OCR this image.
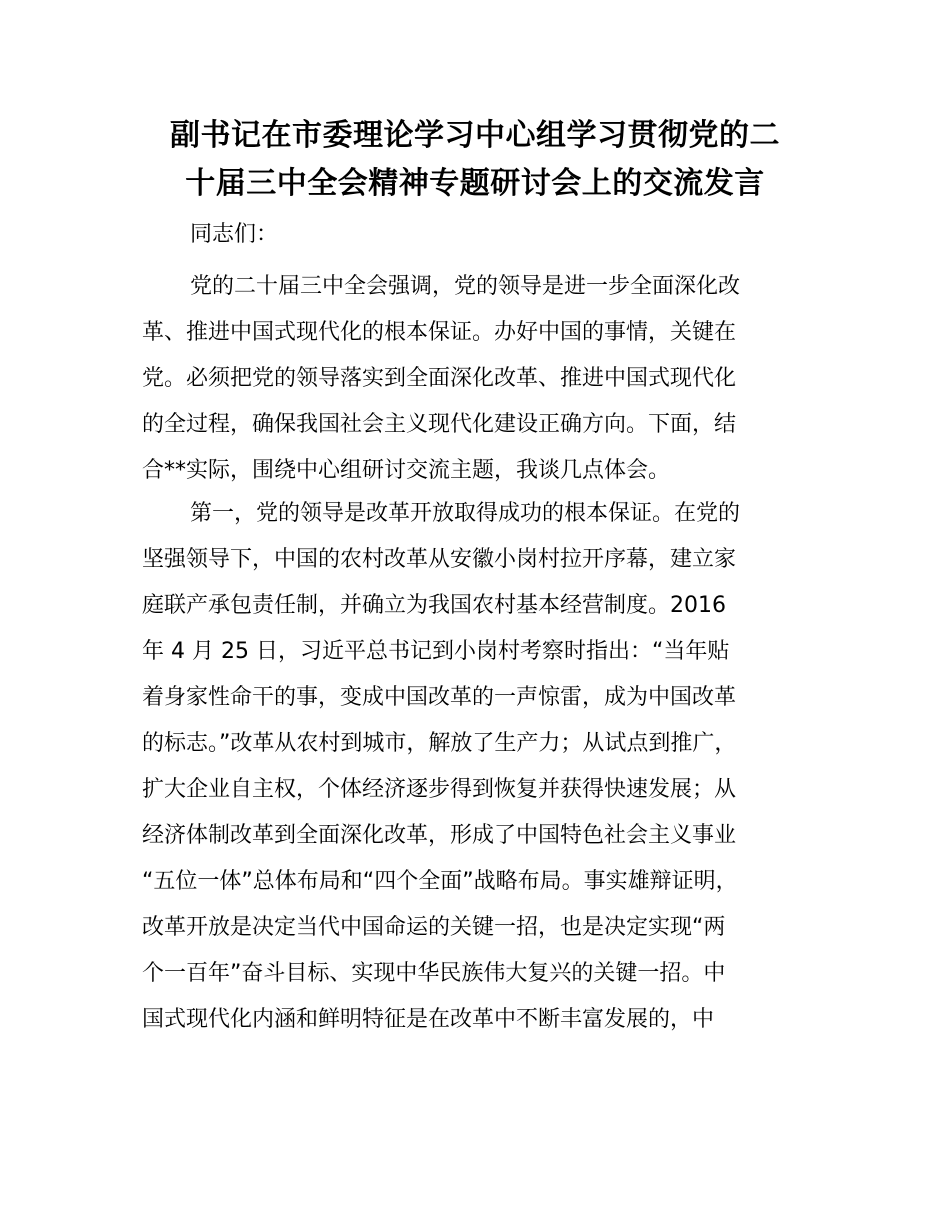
副书记在市委理论学习中心组学习贯彻党的二
十届三中全会精神专题研讨会上的交流发言
同志们：
党的二十届三中全会强调，党的领导是进一步全面深化改
革、推进中国式现代化的根本保证。办好中国的事情，关键在
党。必须把党的领导落实到全面深化改革、推进中国式现代化
的全过程，确保我国社会主义现代化建设正确方向。下面，结
合**实际，围绕中心组研讨交流主题，我谈几点体会。
第一，党的领导是改革开放取得成功的根本保证。在党的
坚强领导下，中国的农村改革从安徽小岗村拉开序幕，建立家
庭联产承包责任制，并确立为我国农村基本经营制度。2016
年 4 月 25 日，习近平总书记到小岗村考察时指出：“当年贴
着身家性命干的事，变成中国改革的一声惊雷，成为中国改革
的标志。”改革从农村到城市，解放了生产力；从试点到推广，
扩大企业自主权，个体经济逐步得到恢复并获得快速发展；从
经济体制改革到全面深化改革，形成了中国特色社会主义事业
“五位一体”总体布局和“四个全面”战略布局。事实雄辩证明，
改革开放是决定当代中国命运的关键一招，也是决定实现“两
个一百年”奋斗目标、实现中华民族伟大复兴的关键一招。中
国式现代化内涵和鲜明特征是在改革中不断丰富发展的，中
